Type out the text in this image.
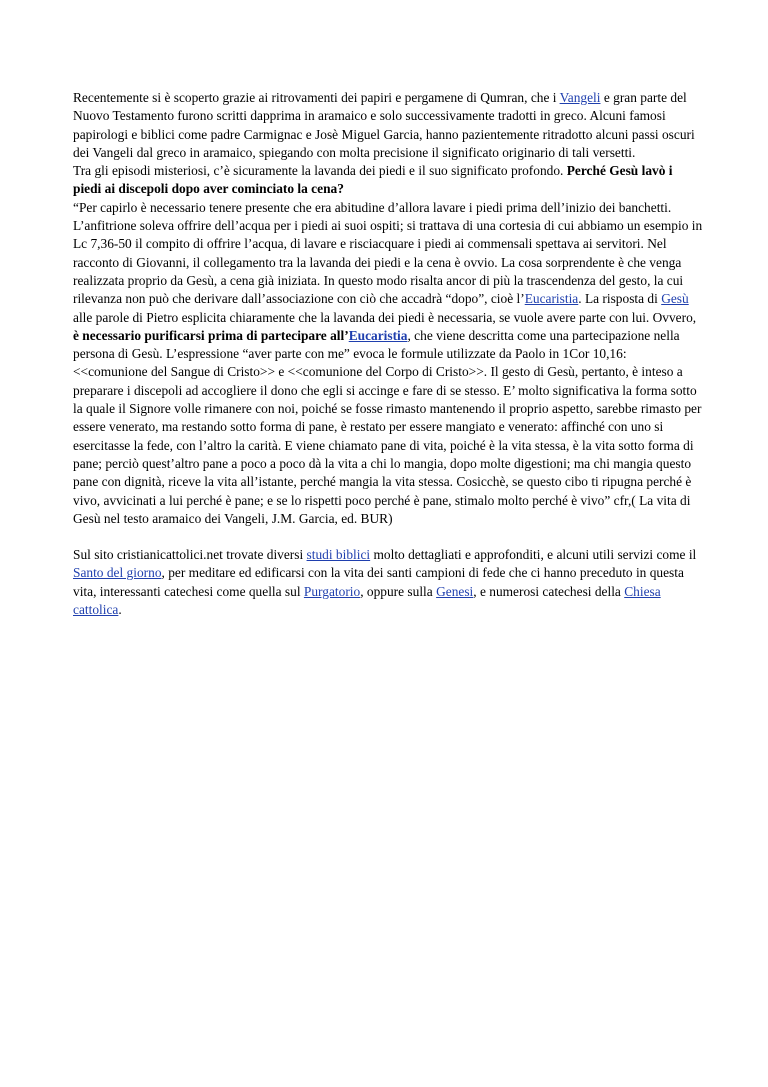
Recentemente si è scoperto grazie ai ritrovamenti dei papiri e pergamene di Qumran, che i Vangeli e gran parte del Nuovo Testamento furono scritti dapprima in aramaico e solo successivamente tradotti in greco. Alcuni famosi papirologi e biblici come padre Carmignac e Josè Miguel Garcia, hanno pazientemente ritradotto alcuni passi oscuri dei Vangeli dal greco in aramaico, spiegando con molta precisione il significato originario di tali versetti.

Tra gli episodi misteriosi, c’è sicuramente la lavanda dei piedi e il suo significato profondo. Perché Gesù lavò i piedi ai discepoli dopo aver cominciato la cena?

“Per capirlo è necessario tenere presente che era abitudine d’allora lavare i piedi prima dell’inizio dei banchetti. L’anfitrione soleva offrire dell’acqua per i piedi ai suoi ospiti; si trattava di una cortesia di cui abbiamo un esempio in Lc 7,36-50 il compito di offrire l’acqua, di lavare e risciacquare i piedi ai commensali spettava ai servitori. Nel racconto di Giovanni, il collegamento tra la lavanda dei piedi e la cena è ovvio. La cosa sorprendente è che venga realizzata proprio da Gesù, a cena già iniziata. In questo modo risalta ancor di più la trascendenza del gesto, la cui rilevanza non può che derivare dall’associazione con ciò che accadrà “dopo”, cioè l’Eucaristia. La risposta di Gesù alle parole di Pietro esplicita chiaramente che la lavanda dei piedi è necessaria, se vuole avere parte con lui. Ovvero, è necessario purificarsi prima di partecipare all’Eucaristia, che viene descritta come una partecipazione nella persona di Gesù. L’espressione “aver parte con me” evoca le formule utilizzate da Paolo in 1Cor 10,16: <<comunione del Sangue di Cristo>> e <<comunione del Corpo di Cristo>>. Il gesto di Gesù, pertanto, è inteso a preparare i discepoli ad accogliere il dono che egli si accinge e fare di se stesso. E’ molto significativa la forma sotto la quale il Signore volle rimanere con noi, poiché se fosse rimasto mantenendo il proprio aspetto, sarebbe rimasto per essere venerato, ma restando sotto forma di pane, è restato per essere mangiato e venerato: affinché con uno si esercitasse la fede, con l’altro la carità. E viene chiamato pane di vita, poiché è la vita stessa, è la vita sotto forma di pane; perciò quest’altro pane a poco a poco dà la vita a chi lo mangia, dopo molte digestioni; ma chi mangia questo pane con dignità, riceve la vita all’istante, perché mangia la vita stessa. Cosicchè, se questo cibo ti ripugna perché è vivo, avvicinati a lui perché è pane; e se lo rispetti poco perché è pane, stimalo molto perché è vivo” cfr,( La vita di Gesù nel testo aramaico dei Vangeli, J.M. Garcia, ed. BUR)

Sul sito cristianicattolici.net trovate diversi studi biblici molto dettagliati e approfonditi, e alcuni utili servizi come il Santo del giorno, per meditare ed edificarsi con la vita dei santi campioni di fede che ci hanno preceduto in questa vita, interessanti catechesi come quella sul Purgatorio, oppure sulla Genesi, e numerosi catechesi della Chiesa cattolica.
